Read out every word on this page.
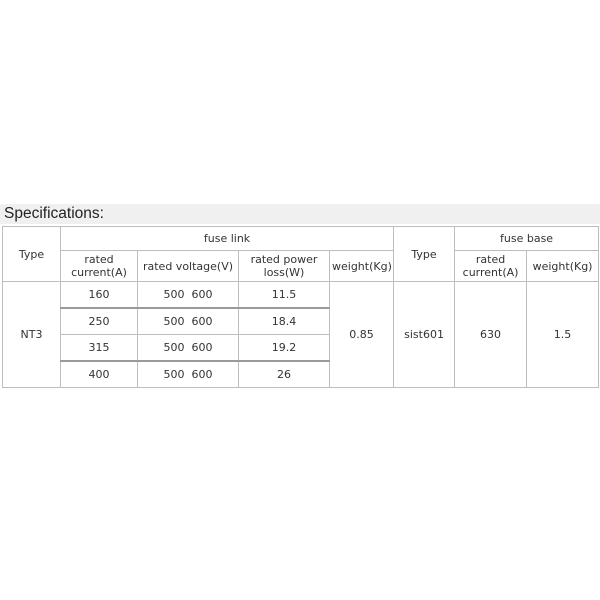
Specifications:
Type	fuse link				Type	fuse base	
	rated current(A)	rated voltage(V)	rated power loss(W)	weight(Kg)		rated current(A)	weight(Kg)
NT3	160	500  600	11.5	0.85	sist601	630	1.5
	250	500  600	18.4				
	315	500  600	19.2				
	400	500  600	26				
